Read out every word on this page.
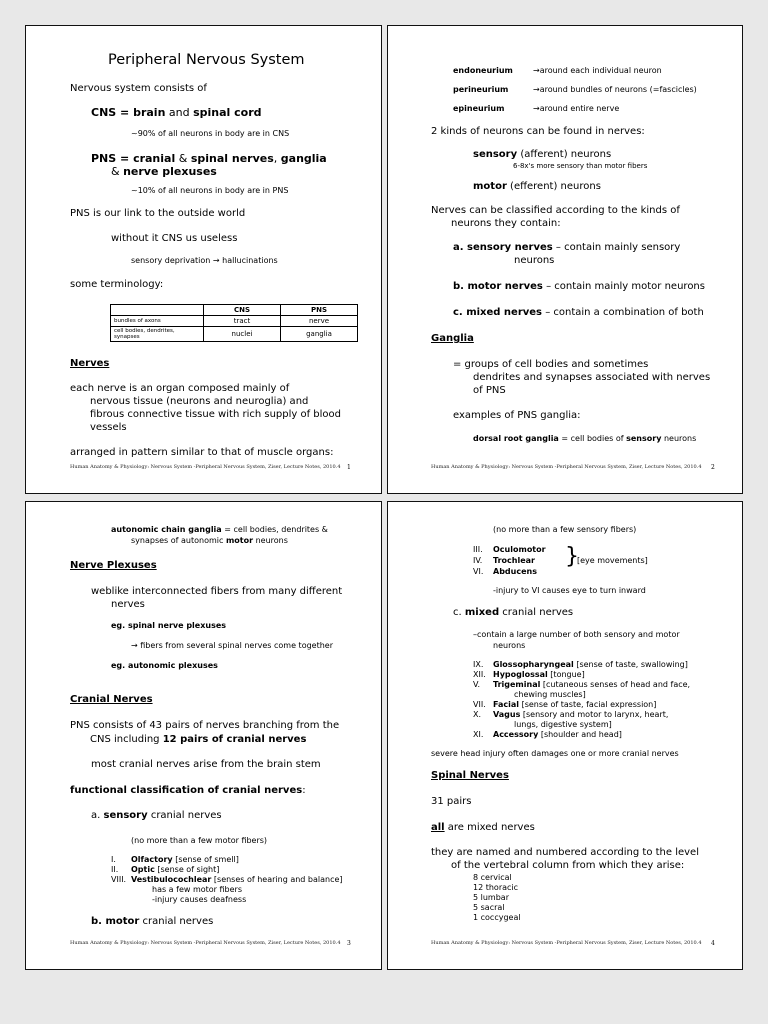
Peripheral Nervous System
Nervous system consists of
CNS = brain and spinal cord
~90% of all neurons in body are in CNS
PNS = cranial & spinal nerves, ganglia
& nerve plexuses
~10% of all neurons in body are in PNS
PNS is our link to the outside world
without it CNS us useless
sensory deprivation → hallucinations
some terminology:
	CNS	PNS
bundles of axons	tract	nerve
cell bodies, dendrites, synapses	nuclei	ganglia
Nerves
each nerve is an organ composed mainly of
nervous tissue (neurons and neuroglia) and
fibrous connective tissue with rich supply of blood
vessels
arranged in pattern similar to that of muscle organs:
Human Anatomy & Physiology: Nervous System -Peripheral Nervous System, Ziser, Lecture Notes, 2010.4 1
endoneurium	→around each individual neuron
perineurium	→around bundles of neurons (=fascicles)
epineurium	→around entire nerve
2 kinds of neurons can be found in nerves:
sensory (afferent) neurons
6-8x's more sensory than motor fibers
motor (efferent) neurons
Nerves can be classified according to the kinds of
neurons they contain:
a. sensory nerves – contain mainly sensory
neurons
b. motor nerves – contain mainly motor neurons
c. mixed nerves – contain a combination of both
Ganglia
= groups of cell bodies and sometimes
dendrites and synapses associated with nerves
of PNS
examples of PNS ganglia:
dorsal root ganglia = cell bodies of sensory neurons
Human Anatomy & Physiology: Nervous System -Peripheral Nervous System, Ziser, Lecture Notes, 2010.4 2
autonomic chain ganglia = cell bodies, dendrites &
synapses of autonomic motor neurons
Nerve Plexuses
weblike interconnected fibers from many different
nerves
eg. spinal nerve plexuses
→ fibers from several spinal nerves come together
eg. autonomic plexuses
Cranial Nerves
PNS consists of 43 pairs of nerves branching from the
CNS including 12 pairs of cranial nerves
most cranial nerves arise from the brain stem
functional classification of cranial nerves:
a. sensory cranial nerves
(no more than a few motor fibers)
I. Olfactory [sense of smell]
II. Optic [sense of sight]
VIII. Vestibulocochlear [senses of hearing and balance]
has a few motor fibers
-injury causes deafness
b. motor cranial nerves
Human Anatomy & Physiology: Nervous System -Peripheral Nervous System, Ziser, Lecture Notes, 2010.4 3
(no more than a few sensory fibers)
III. Oculomotor
IV. Trochlear
VI. Abducens
}
[eye movements]
-injury to VI causes eye to turn inward
c. mixed cranial nerves
–contain a large number of both sensory and motor
neurons
IX. Glossopharyngeal [sense of taste, swallowing]
XII. Hypoglossal [tongue]
V. Trigeminal [cutaneous senses of head and face,
chewing muscles]
VII. Facial [sense of taste, facial expression]
X. Vagus [sensory and motor to larynx, heart,
lungs, digestive system]
XI. Accessory [shoulder and head]
severe head injury often damages one or more cranial nerves
Spinal Nerves
31 pairs
all are mixed nerves
they are named and numbered according to the level
of the vertebral column from which they arise:
8 cervical
12 thoracic
5 lumbar
5 sacral
1 coccygeal
Human Anatomy & Physiology: Nervous System -Peripheral Nervous System, Ziser, Lecture Notes, 2010.4 4
